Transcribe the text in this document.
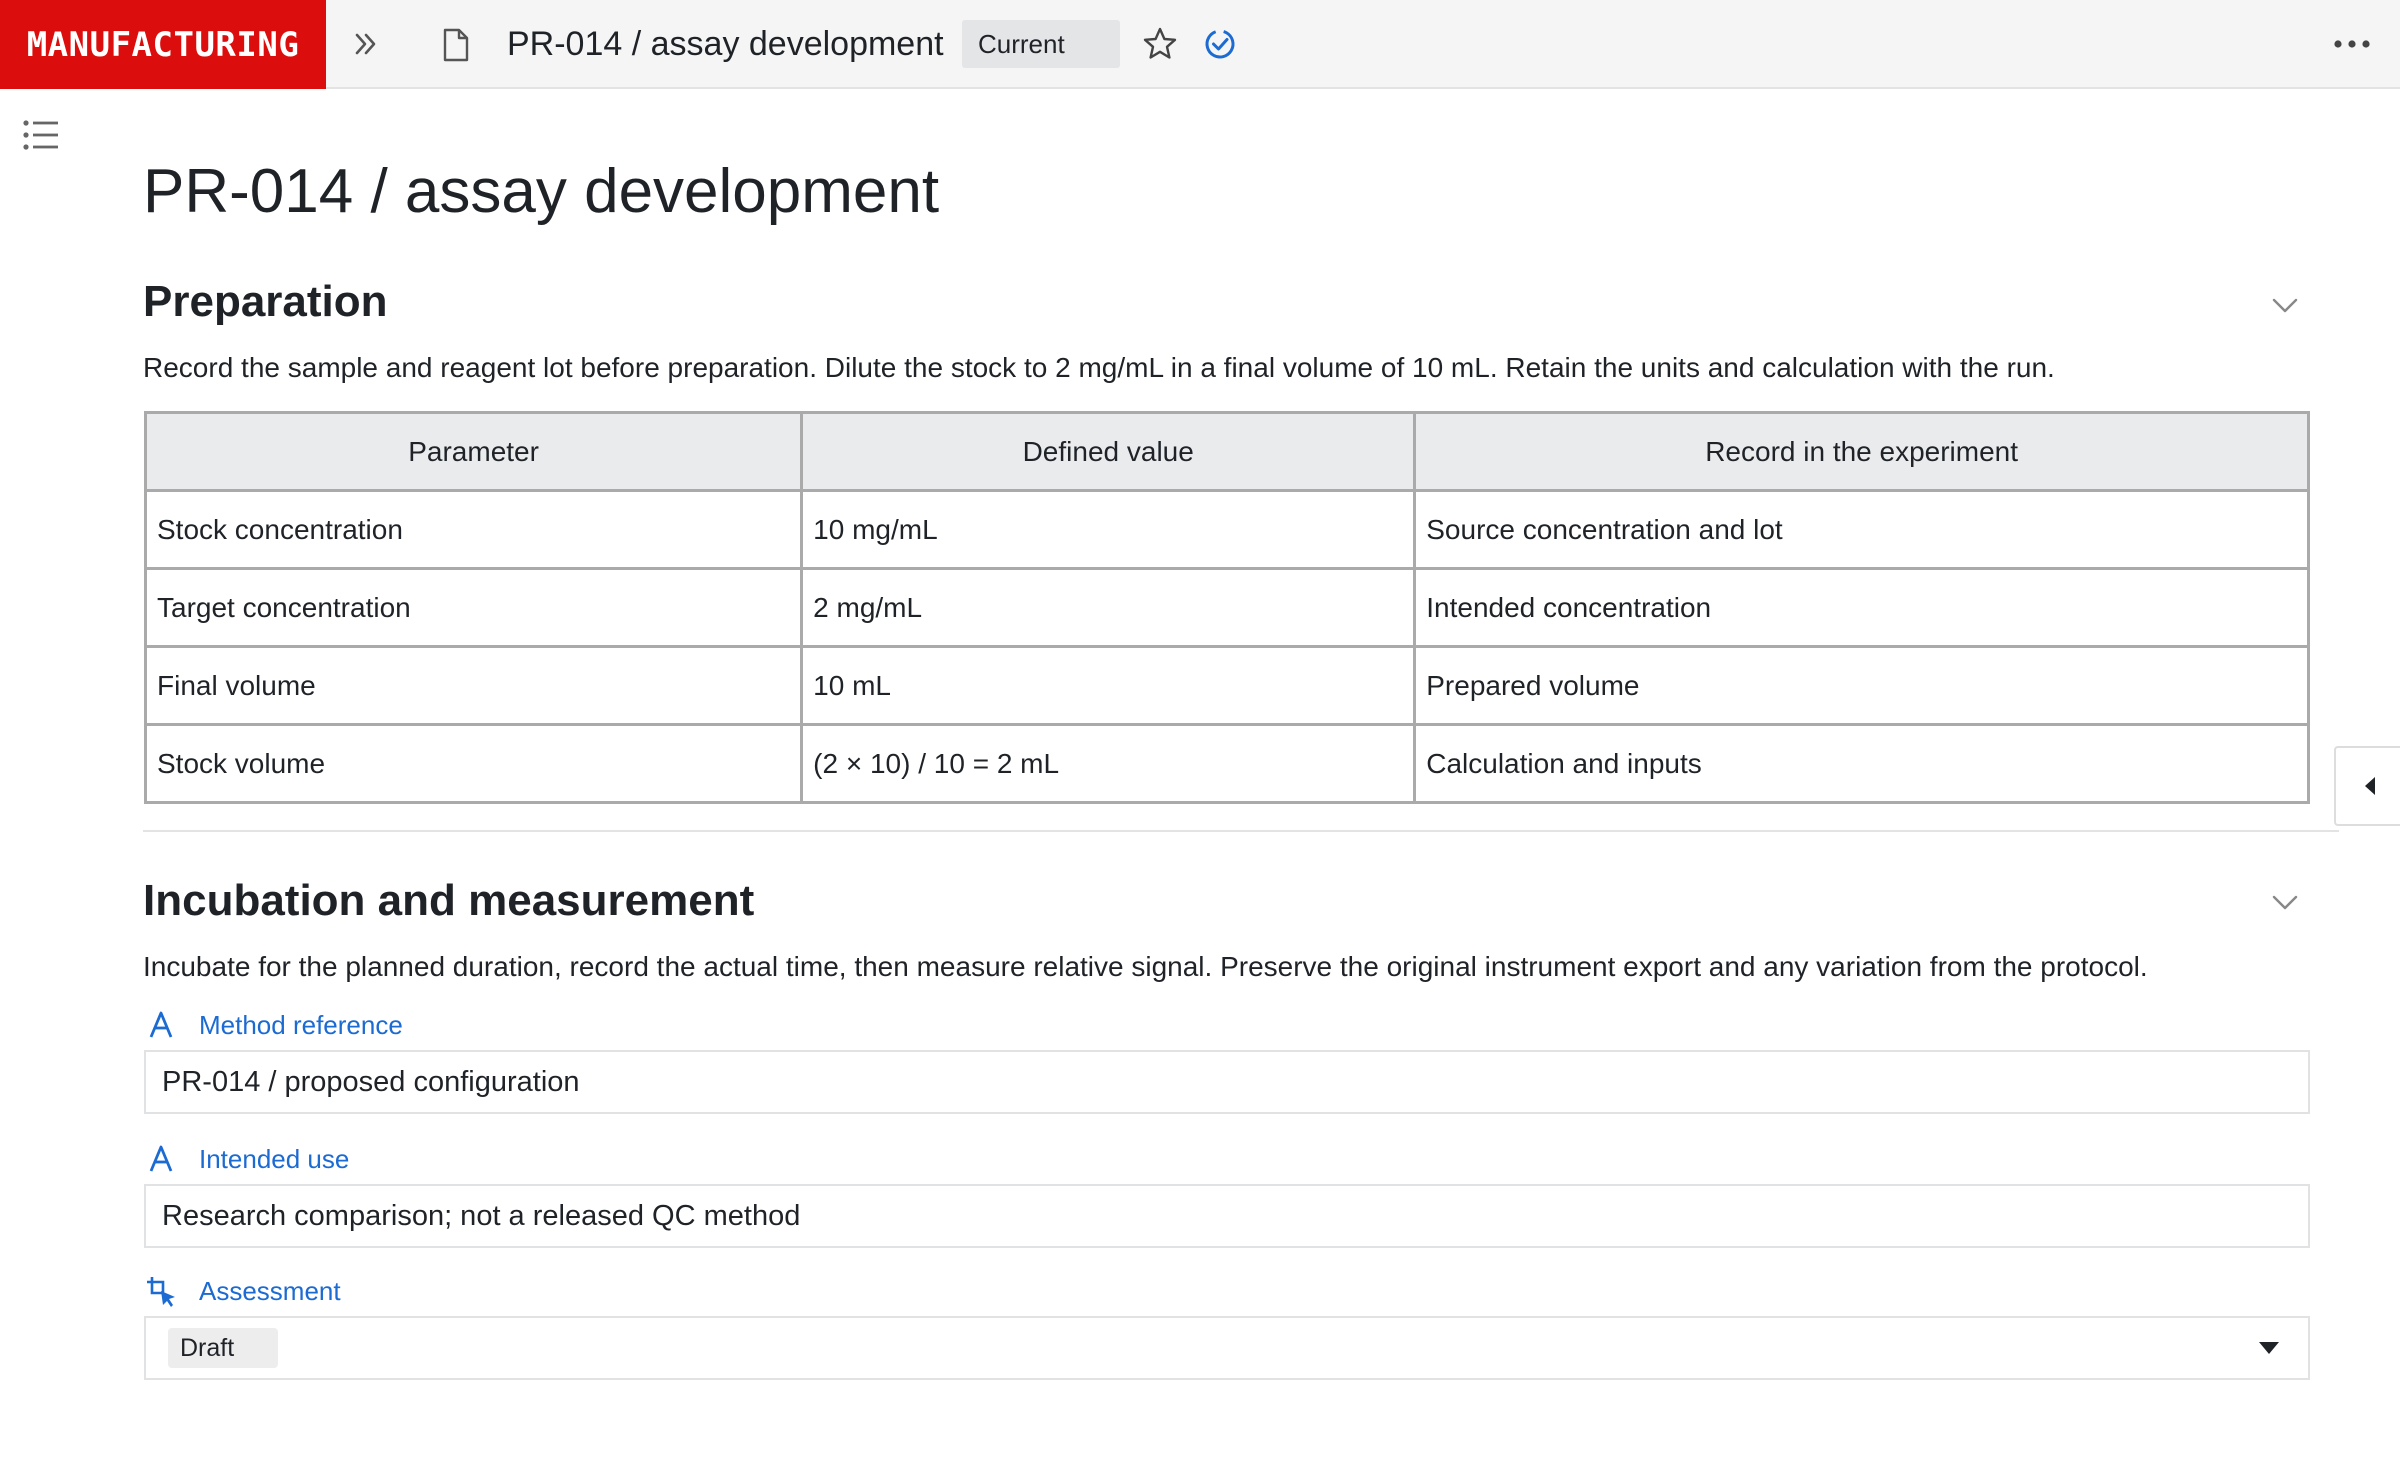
MANUFACTURING	PR-014 / assay development	Current
PR-014 / assay development
Preparation

Record the sample and reagent lot before preparation. Dilute the stock to 2 mg/mL in a final volume of 10 mL. Retain the units and calculation with the run.

Parameter	Defined value	Record in the experiment
Stock concentration	10 mg/mL	Source concentration and lot
Target concentration	2 mg/mL	Intended concentration
Final volume	10 mL	Prepared volume
Stock volume	(2 × 10) / 10 = 2 mL	Calculation and inputs
Incubation and measurement

Incubate for the planned duration, record the actual time, then measure relative signal. Preserve the original instrument export and any variation from the protocol.

Method reference
PR-014 / proposed configuration
Intended use
Research comparison; not a released QC method
Assessment
Draft
